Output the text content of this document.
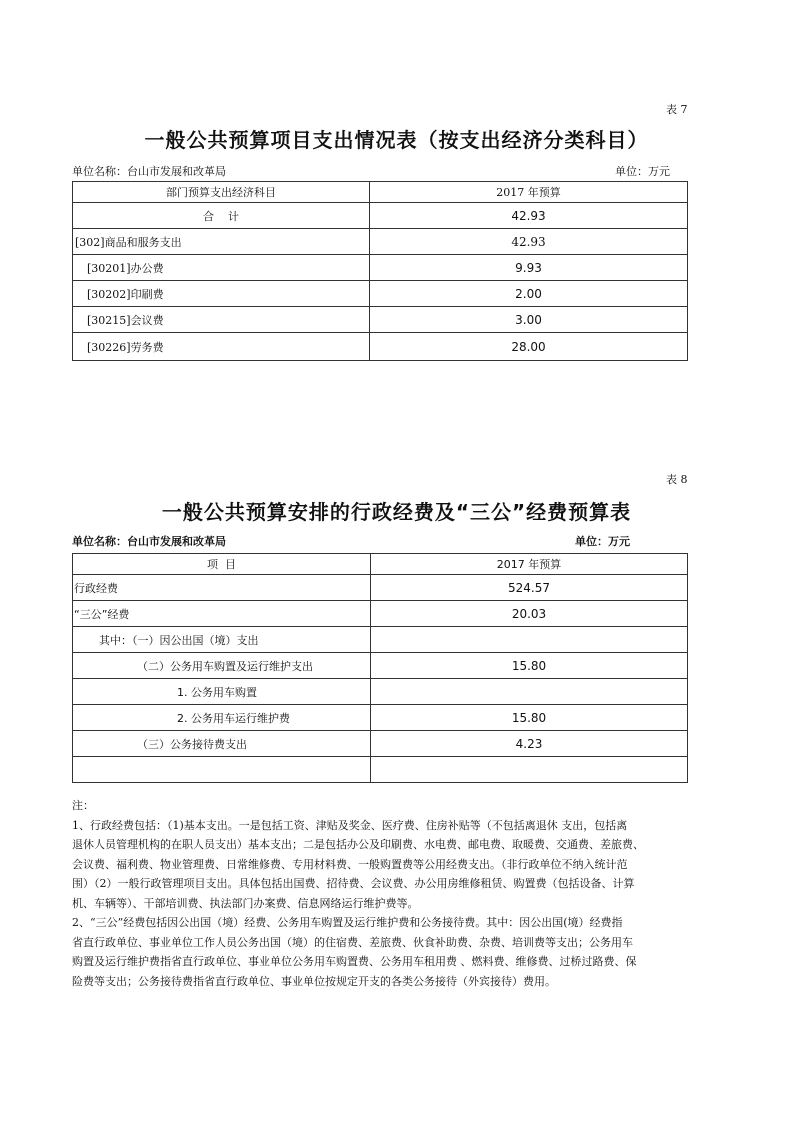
表 7
一般公共预算项目支出情况表（按支出经济分类科目）
单位名称：台山市发展和改革局	单位：万元
部门预算支出经济科目	2017 年预算
合    计	42.93
[302]商品和服务支出	42.93
[30201]办公费	9.93
[30202]印刷费	2.00
[30215]会议费	3.00
[30226]劳务费	28.00
表 8
一般公共预算安排的行政经费及“三公”经费预算表
单位名称：台山市发展和改革局	单位：万元
项  目	2017 年预算
行政经费	524.57
“三公”经费	20.03
其中：（一）因公出国（境）支出	
（二）公务用车购置及运行维护支出	15.80
1. 公务用车购置	
2. 公务用车运行维护费	15.80
（三）公务接待费支出	4.23

注：

1、行政经费包括：（1)基本支出。一是包括工资、津贴及奖金、医疗费、住房补贴等（不包括离退休 支出，包括离

退休人员管理机构的在职人员支出）基本支出；二是包括办公及印刷费、水电费、邮电费、取暖费、交通费、差旅费、

会议费、福利费、物业管理费、日常维修费、专用材料费、一般购置费等公用经费支出。（非行政单位不纳入统计范

围）（2）一般行政管理项目支出。具体包括出国费、招待费、会议费、办公用房维修租赁、购置费（包括设备、计算

机、车辆等）、干部培训费、执法部门办案费、信息网络运行维护费等。

2、“三公”经费包括因公出国（境）经费、公务用车购置及运行维护费和公务接待费。其中：因公出国(境）经费指

省直行政单位、事业单位工作人员公务出国（境）的住宿费、差旅费、伙食补助费、杂费、培训费等支出；公务用车

购置及运行维护费指省直行政单位、事业单位公务用车购置费、公务用车租用费 、燃料费、维修费、过桥过路费、保

险费等支出；公务接待费指省直行政单位、事业单位按规定开支的各类公务接待（外宾接待）费用。
